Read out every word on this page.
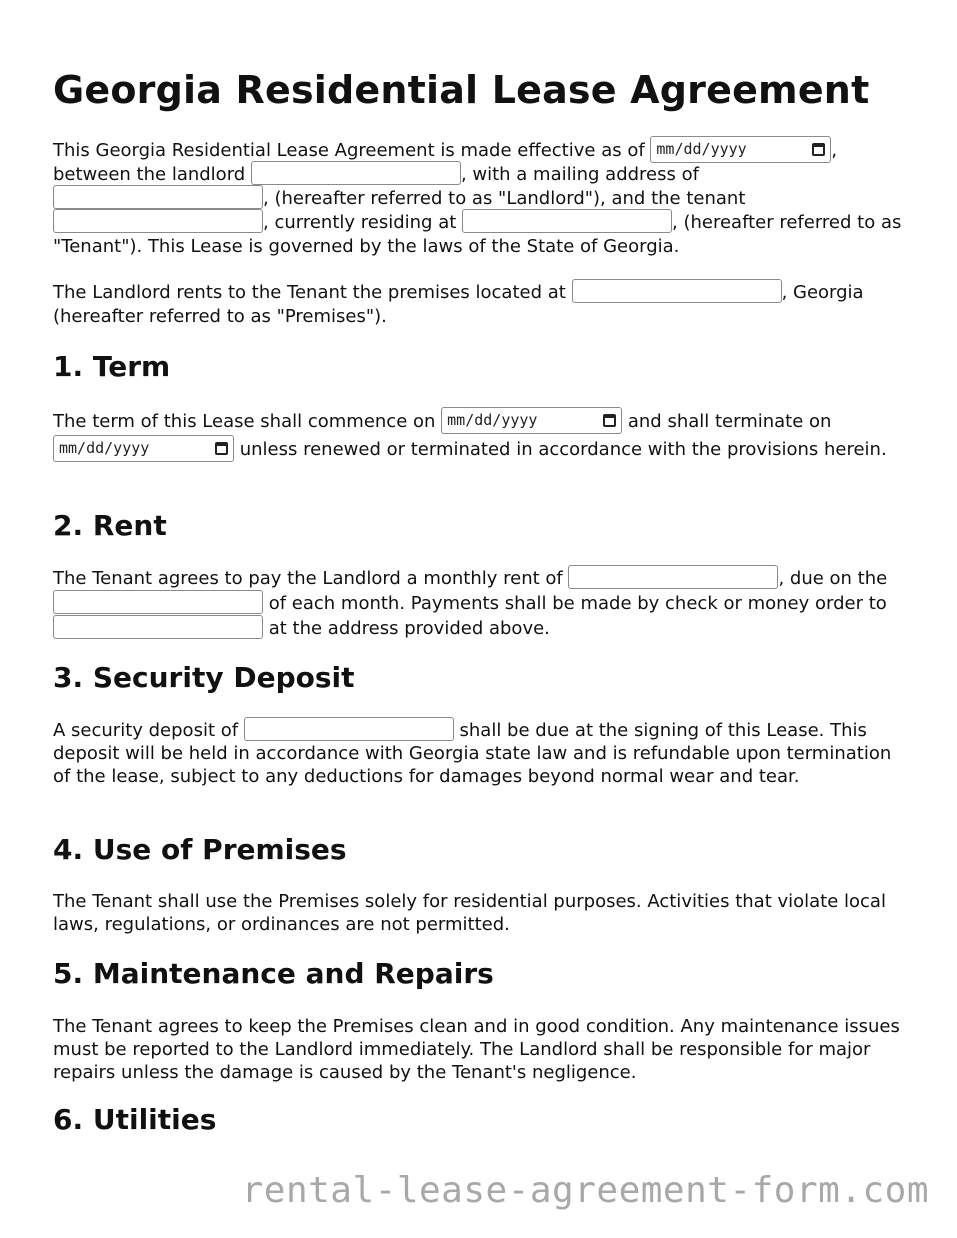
Georgia Residential Lease Agreement

This Georgia Residential Lease Agreement is made effective as of mm/dd/yyyy	, between the landlord	, with a mailing address of , (hereafter referred to as "Landlord"), and the tenant , currently residing at	, (hereafter referred to as "Tenant"). This Lease is governed by the laws of the State of Georgia.

The Landlord rents to the Tenant the premises located at	, Georgia (hereafter referred to as "Premises").

1. Term

The term of this Lease shall commence on mm/dd/yyyy	and shall terminate on
mm/dd/yyyy	unless renewed or terminated in accordance with the provisions herein.

2. Rent

The Tenant agrees to pay the Landlord a monthly rent of	, due on the  of each month. Payments shall be made by check or money order to  at the address provided above.

3. Security Deposit

A security deposit of	shall be due at the signing of this Lease. This deposit will be held in accordance with Georgia state law and is refundable upon termination of the lease, subject to any deductions for damages beyond normal wear and tear.

4. Use of Premises

The Tenant shall use the Premises solely for residential purposes. Activities that violate local laws, regulations, or ordinances are not permitted.

5. Maintenance and Repairs

The Tenant agrees to keep the Premises clean and in good condition. Any maintenance issues must be reported to the Landlord immediately. The Landlord shall be responsible for major repairs unless the damage is caused by the Tenant's negligence.

6. Utilities
rental-lease-agreement-form.com
